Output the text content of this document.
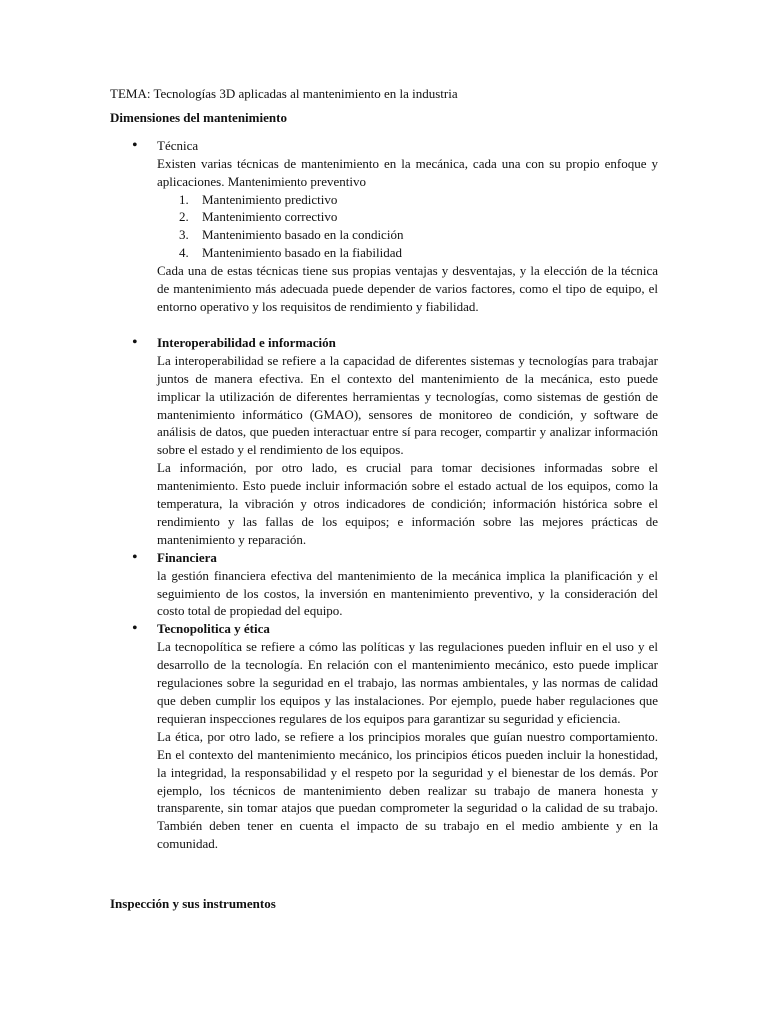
TEMA: Tecnologías 3D aplicadas al mantenimiento en la industria
Dimensiones del mantenimiento
• Técnica

Existen varias técnicas de mantenimiento en la mecánica, cada una con su propio enfoque y aplicaciones. Mantenimiento preventivo

1. Mantenimiento predictivo
2. Mantenimiento correctivo
3. Mantenimiento basado en la condición
4. Mantenimiento basado en la fiabilidad

Cada una de estas técnicas tiene sus propias ventajas y desventajas, y la elección de la técnica de mantenimiento más adecuada puede depender de varios factores, como el tipo de equipo, el entorno operativo y los requisitos de rendimiento y fiabilidad.

• Interoperabilidad e información

La interoperabilidad se refiere a la capacidad de diferentes sistemas y tecnologías para trabajar juntos de manera efectiva. En el contexto del mantenimiento de la mecánica, esto puede implicar la utilización de diferentes herramientas y tecnologías, como sistemas de gestión de mantenimiento informático (GMAO), sensores de monitoreo de condición, y software de análisis de datos, que pueden interactuar entre sí para recoger, compartir y analizar información sobre el estado y el rendimiento de los equipos.

La información, por otro lado, es crucial para tomar decisiones informadas sobre el mantenimiento. Esto puede incluir información sobre el estado actual de los equipos, como la temperatura, la vibración y otros indicadores de condición; información histórica sobre el rendimiento y las fallas de los equipos; e información sobre las mejores prácticas de mantenimiento y reparación.

• Financiera

la gestión financiera efectiva del mantenimiento de la mecánica implica la planificación y el seguimiento de los costos, la inversión en mantenimiento preventivo, y la consideración del costo total de propiedad del equipo.

• Tecnopolitica y ética

La tecnopolítica se refiere a cómo las políticas y las regulaciones pueden influir en el uso y el desarrollo de la tecnología. En relación con el mantenimiento mecánico, esto puede implicar regulaciones sobre la seguridad en el trabajo, las normas ambientales, y las normas de calidad que deben cumplir los equipos y las instalaciones. Por ejemplo, puede haber regulaciones que requieran inspecciones regulares de los equipos para garantizar su seguridad y eficiencia.

La ética, por otro lado, se refiere a los principios morales que guían nuestro comportamiento. En el contexto del mantenimiento mecánico, los principios éticos pueden incluir la honestidad, la integridad, la responsabilidad y el respeto por la seguridad y el bienestar de los demás. Por ejemplo, los técnicos de mantenimiento deben realizar su trabajo de manera honesta y transparente, sin tomar atajos que puedan comprometer la seguridad o la calidad de su trabajo. También deben tener en cuenta el impacto de su trabajo en el medio ambiente y en la comunidad.

Inspección y sus instrumentos
